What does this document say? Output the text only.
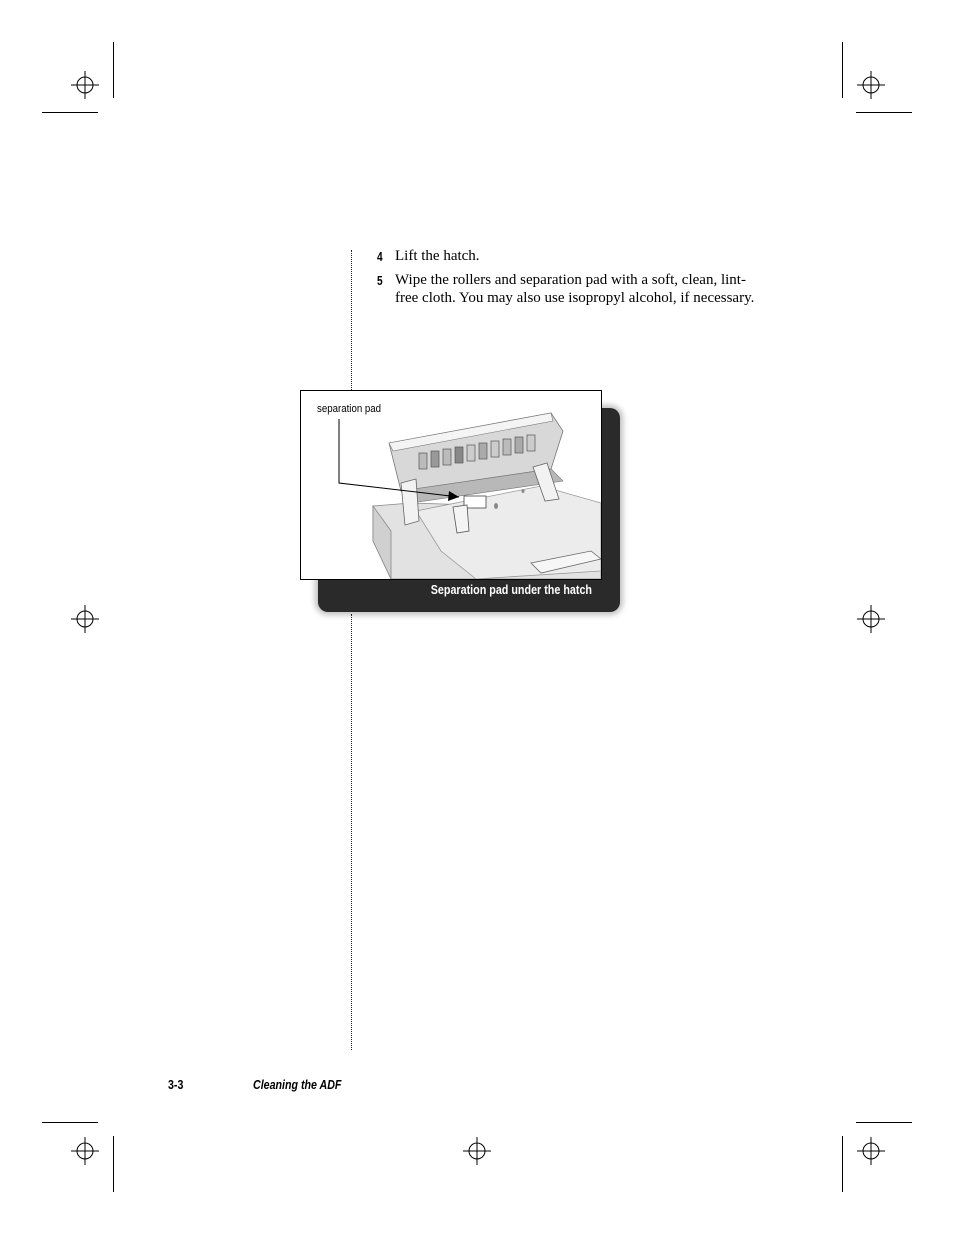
4 Lift the hatch.
5 Wipe the rollers and separation pad with a soft, clean, lint-free cloth. You may also use isopropyl alcohol, if necessary.
separation pad
Separation pad under the hatch
3-3	Cleaning the ADF
